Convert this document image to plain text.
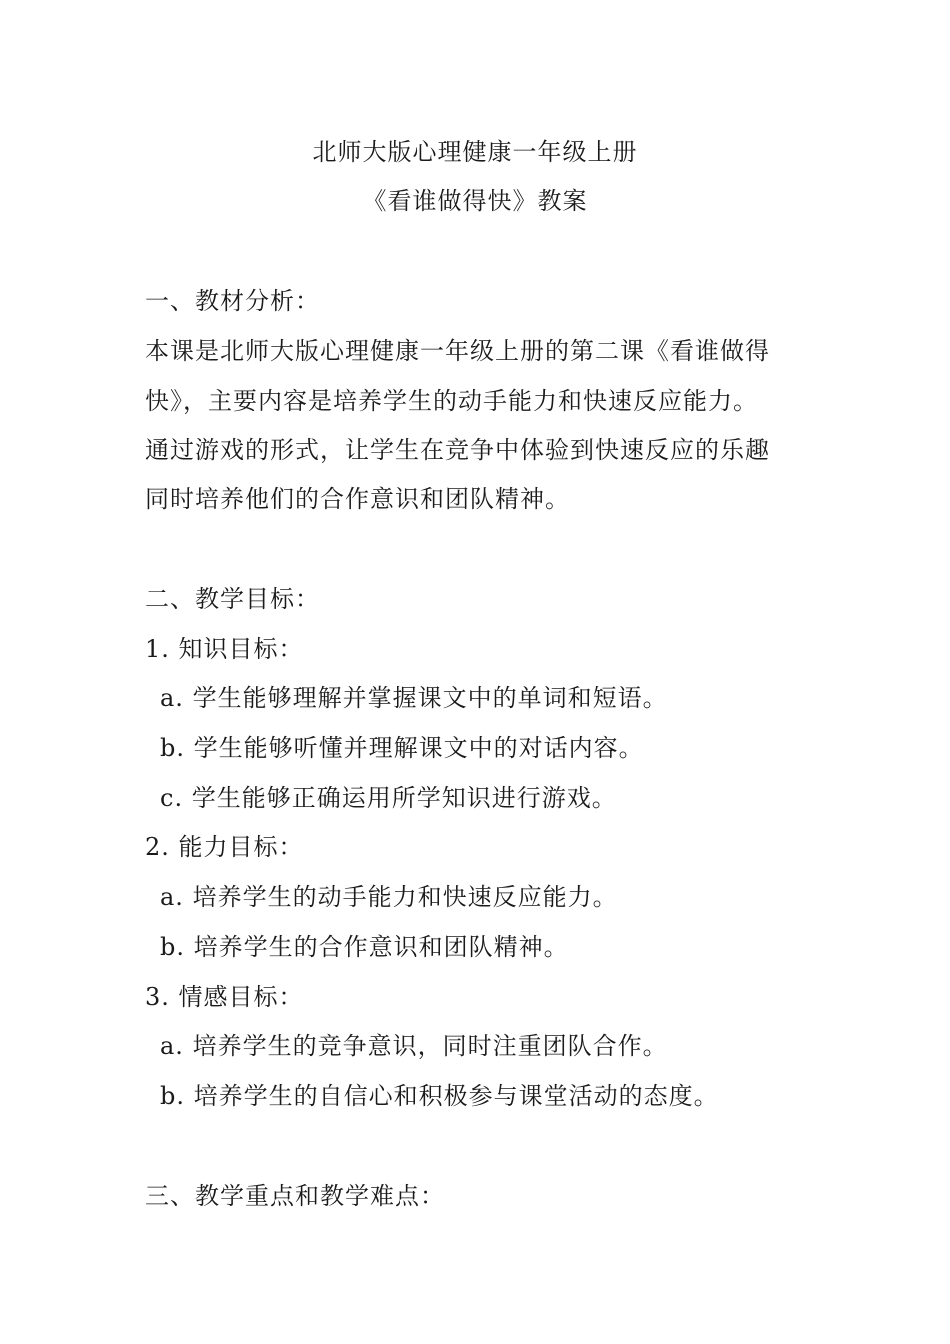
北师大版心理健康一年级上册
《看谁做得快》教案
一、教材分析：
本课是北师大版心理健康一年级上册的第二课《看谁做得
快》，主要内容是培养学生的动手能力和快速反应能力。
通过游戏的形式，让学生在竞争中体验到快速反应的乐趣
同时培养他们的合作意识和团队精神。
二、教学目标：
1. 知识目标：
a. 学生能够理解并掌握课文中的单词和短语。
b. 学生能够听懂并理解课文中的对话内容。
c. 学生能够正确运用所学知识进行游戏。
2. 能力目标：
a. 培养学生的动手能力和快速反应能力。
b. 培养学生的合作意识和团队精神。
3. 情感目标：
a. 培养学生的竞争意识，同时注重团队合作。
b. 培养学生的自信心和积极参与课堂活动的态度。
三、教学重点和教学难点：
